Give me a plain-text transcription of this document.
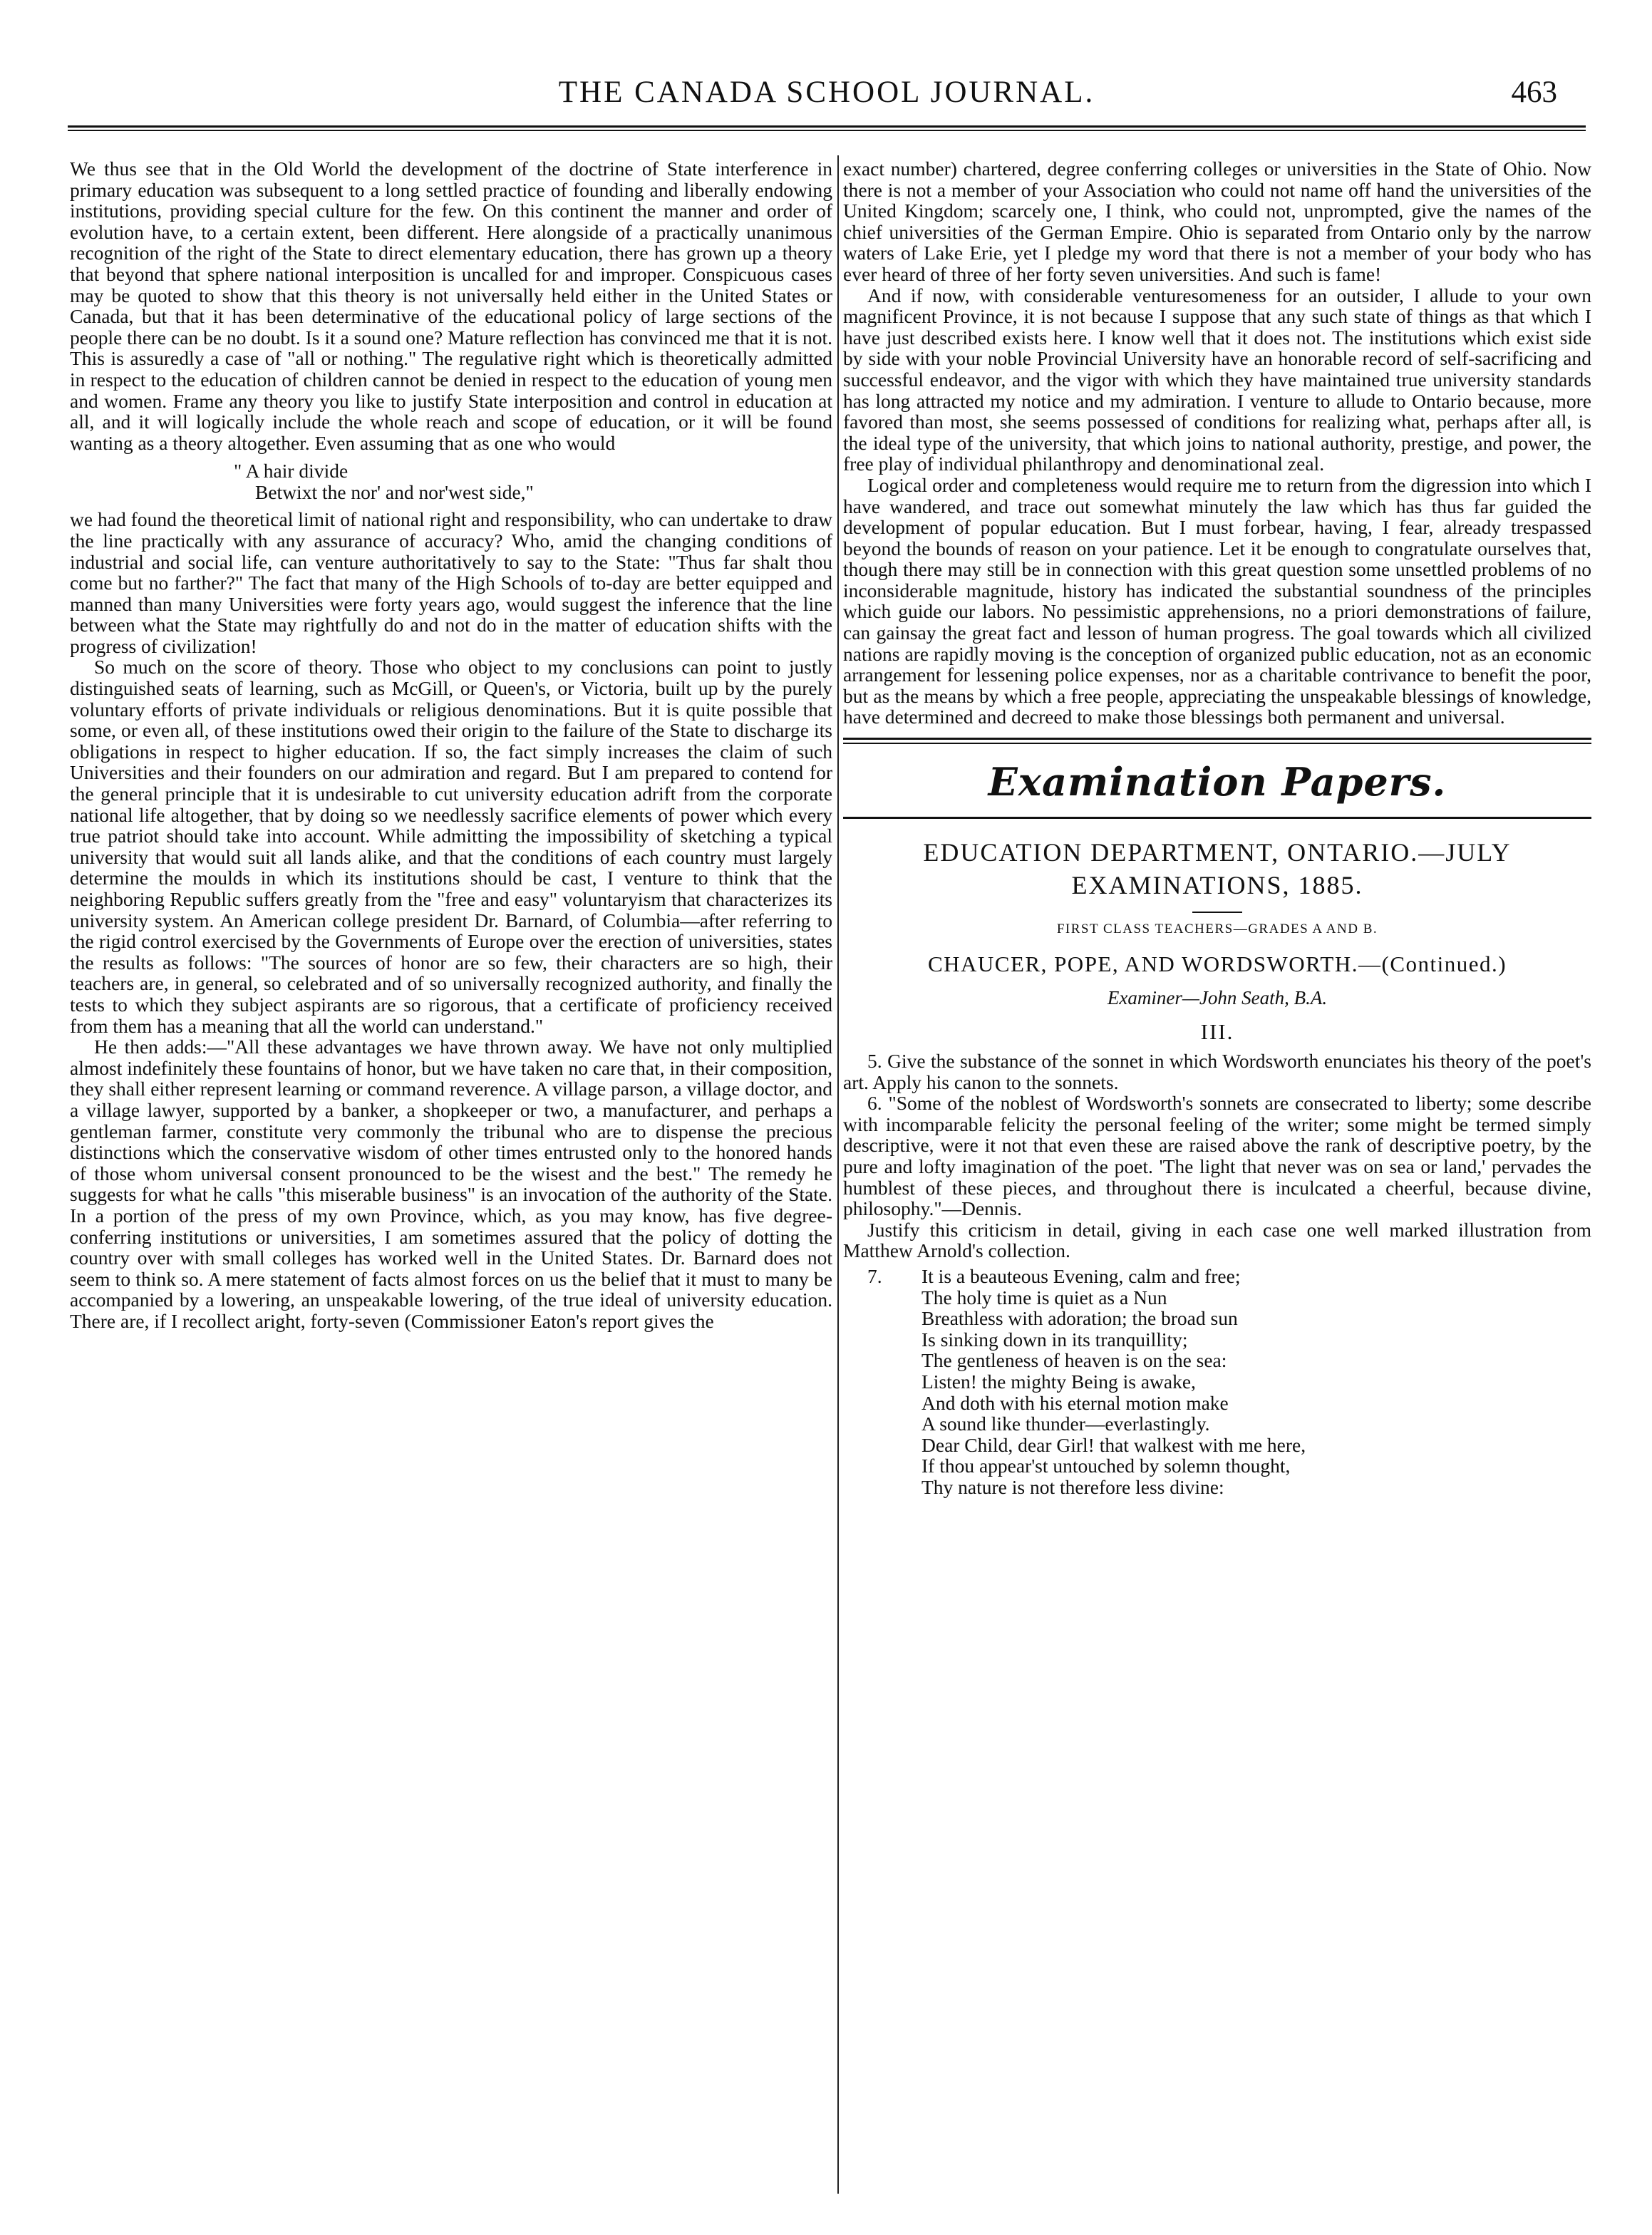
THE CANADA SCHOOL JOURNAL.	463

We thus see that in the Old World the development of the doctrine of State interference in primary education was subsequent to a long settled practice of founding and liberally endowing institutions, providing special culture for the few. On this continent the manner and order of evolution have, to a certain extent, been different. Here alongside of a practically unanimous recognition of the right of the State to direct elementary education, there has grown up a theory that beyond that sphere national interposition is uncalled for and improper. Conspicuous cases may be quoted to show that this theory is not universally held either in the United States or Canada, but that it has been determinative of the educational policy of large sections of the people there can be no doubt. Is it a sound one? Mature reflection has convinced me that it is not. This is assuredly a case of "all or nothing." The regulative right which is theoretically admitted in respect to the education of children cannot be denied in respect to the education of young men and women. Frame any theory you like to justify State interposition and control in education at all, and it will logically include the whole reach and scope of education, or it will be found wanting as a theory altogether. Even assuming that as one who would

" A hair divide
Betwixt the nor' and nor'west side,"

we had found the theoretical limit of national right and responsibility, who can undertake to draw the line practically with any assurance of accuracy? Who, amid the changing conditions of industrial and social life, can venture authoritatively to say to the State: "Thus far shalt thou come but no farther?" The fact that many of the High Schools of to-day are better equipped and manned than many Universities were forty years ago, would suggest the inference that the line between what the State may rightfully do and not do in the matter of education shifts with the progress of civilization!

So much on the score of theory. Those who object to my conclusions can point to justly distinguished seats of learning, such as McGill, or Queen's, or Victoria, built up by the purely voluntary efforts of private individuals or religious denominations. But it is quite possible that some, or even all, of these institutions owed their origin to the failure of the State to discharge its obligations in respect to higher education. If so, the fact simply increases the claim of such Universities and their founders on our admiration and regard. But I am prepared to contend for the general principle that it is undesirable to cut university education adrift from the corporate national life altogether, that by doing so we needlessly sacrifice elements of power which every true patriot should take into account. While admitting the impossibility of sketching a typical university that would suit all lands alike, and that the conditions of each country must largely determine the moulds in which its institutions should be cast, I venture to think that the neighboring Republic suffers greatly from the "free and easy" voluntaryism that characterizes its university system. An American college president Dr. Barnard, of Columbia—after referring to the rigid control exercised by the Governments of Europe over the erection of universities, states the results as follows: "The sources of honor are so few, their characters are so high, their teachers are, in general, so celebrated and of so universally recognized authority, and finally the tests to which they subject aspirants are so rigorous, that a certificate of proficiency received from them has a meaning that all the world can understand."

He then adds:—"All these advantages we have thrown away. We have not only multiplied almost indefinitely these fountains of honor, but we have taken no care that, in their composition, they shall either represent learning or command reverence. A village parson, a village doctor, and a village lawyer, supported by a banker, a shopkeeper or two, a manufacturer, and perhaps a gentleman farmer, constitute very commonly the tribunal who are to dispense the precious distinctions which the conservative wisdom of other times entrusted only to the honored hands of those whom universal consent pronounced to be the wisest and the best." The remedy he suggests for what he calls "this miserable business" is an invocation of the authority of the State. In a portion of the press of my own Province, which, as you may know, has five degree-conferring institutions or universities, I am sometimes assured that the policy of dotting the country over with small colleges has worked well in the United States. Dr. Barnard does not seem to think so. A mere statement of facts almost forces on us the belief that it must to many be accompanied by a lowering, an unspeakable lowering, of the true ideal of university education. There are, if I recollect aright, forty-seven (Commissioner Eaton's report gives the

exact number) chartered, degree conferring colleges or universities in the State of Ohio. Now there is not a member of your Association who could not name off hand the universities of the United Kingdom; scarcely one, I think, who could not, unprompted, give the names of the chief universities of the German Empire. Ohio is separated from Ontario only by the narrow waters of Lake Erie, yet I pledge my word that there is not a member of your body who has ever heard of three of her forty seven universities. And such is fame!

And if now, with considerable venturesomeness for an outsider, I allude to your own magnificent Province, it is not because I suppose that any such state of things as that which I have just described exists here. I know well that it does not. The institutions which exist side by side with your noble Provincial University have an honorable record of self-sacrificing and successful endeavor, and the vigor with which they have maintained true university standards has long attracted my notice and my admiration. I venture to allude to Ontario because, more favored than most, she seems possessed of conditions for realizing what, perhaps after all, is the ideal type of the university, that which joins to national authority, prestige, and power, the free play of individual philanthropy and denominational zeal.

Logical order and completeness would require me to return from the digression into which I have wandered, and trace out somewhat minutely the law which has thus far guided the development of popular education. But I must forbear, having, I fear, already trespassed beyond the bounds of reason on your patience. Let it be enough to congratulate ourselves that, though there may still be in connection with this great question some unsettled problems of no inconsiderable magnitude, history has indicated the substantial soundness of the principles which guide our labors. No pessimistic apprehensions, no a priori demonstrations of failure, can gainsay the great fact and lesson of human progress. The goal towards which all civilized nations are rapidly moving is the conception of organized public education, not as an economic arrangement for lessening police expenses, nor as a charitable contrivance to benefit the poor, but as the means by which a free people, appreciating the unspeakable blessings of knowledge, have determined and decreed to make those blessings both permanent and universal.

Examination Papers.
EDUCATION DEPARTMENT, ONTARIO.—JULY
EXAMINATIONS, 1885.
FIRST CLASS TEACHERS—GRADES A AND B.
CHAUCER, POPE, AND WORDSWORTH.—(Continued.)
Examiner—John Seath, B.A.
III.

5. Give the substance of the sonnet in which Wordsworth enunciates his theory of the poet's art. Apply his canon to the sonnets.

6. "Some of the noblest of Wordsworth's sonnets are consecrated to liberty; some describe with incomparable felicity the personal feeling of the writer; some might be termed simply descriptive, were it not that even these are raised above the rank of descriptive poetry, by the pure and lofty imagination of the poet. 'The light that never was on sea or land,' pervades the humblest of these pieces, and throughout there is inculcated a cheerful, because divine, philosophy."—Dennis.

Justify this criticism in detail, giving in each case one well marked illustration from Matthew Arnold's collection.

7.	It is a beauteous Evening, calm and free;
The holy time is quiet as a Nun
Breathless with adoration; the broad sun
Is sinking down in its tranquillity;
The gentleness of heaven is on the sea:
Listen! the mighty Being is awake,
And doth with his eternal motion make
A sound like thunder—everlastingly.
Dear Child, dear Girl! that walkest with me here,
If thou appear'st untouched by solemn thought,
Thy nature is not therefore less divine:
